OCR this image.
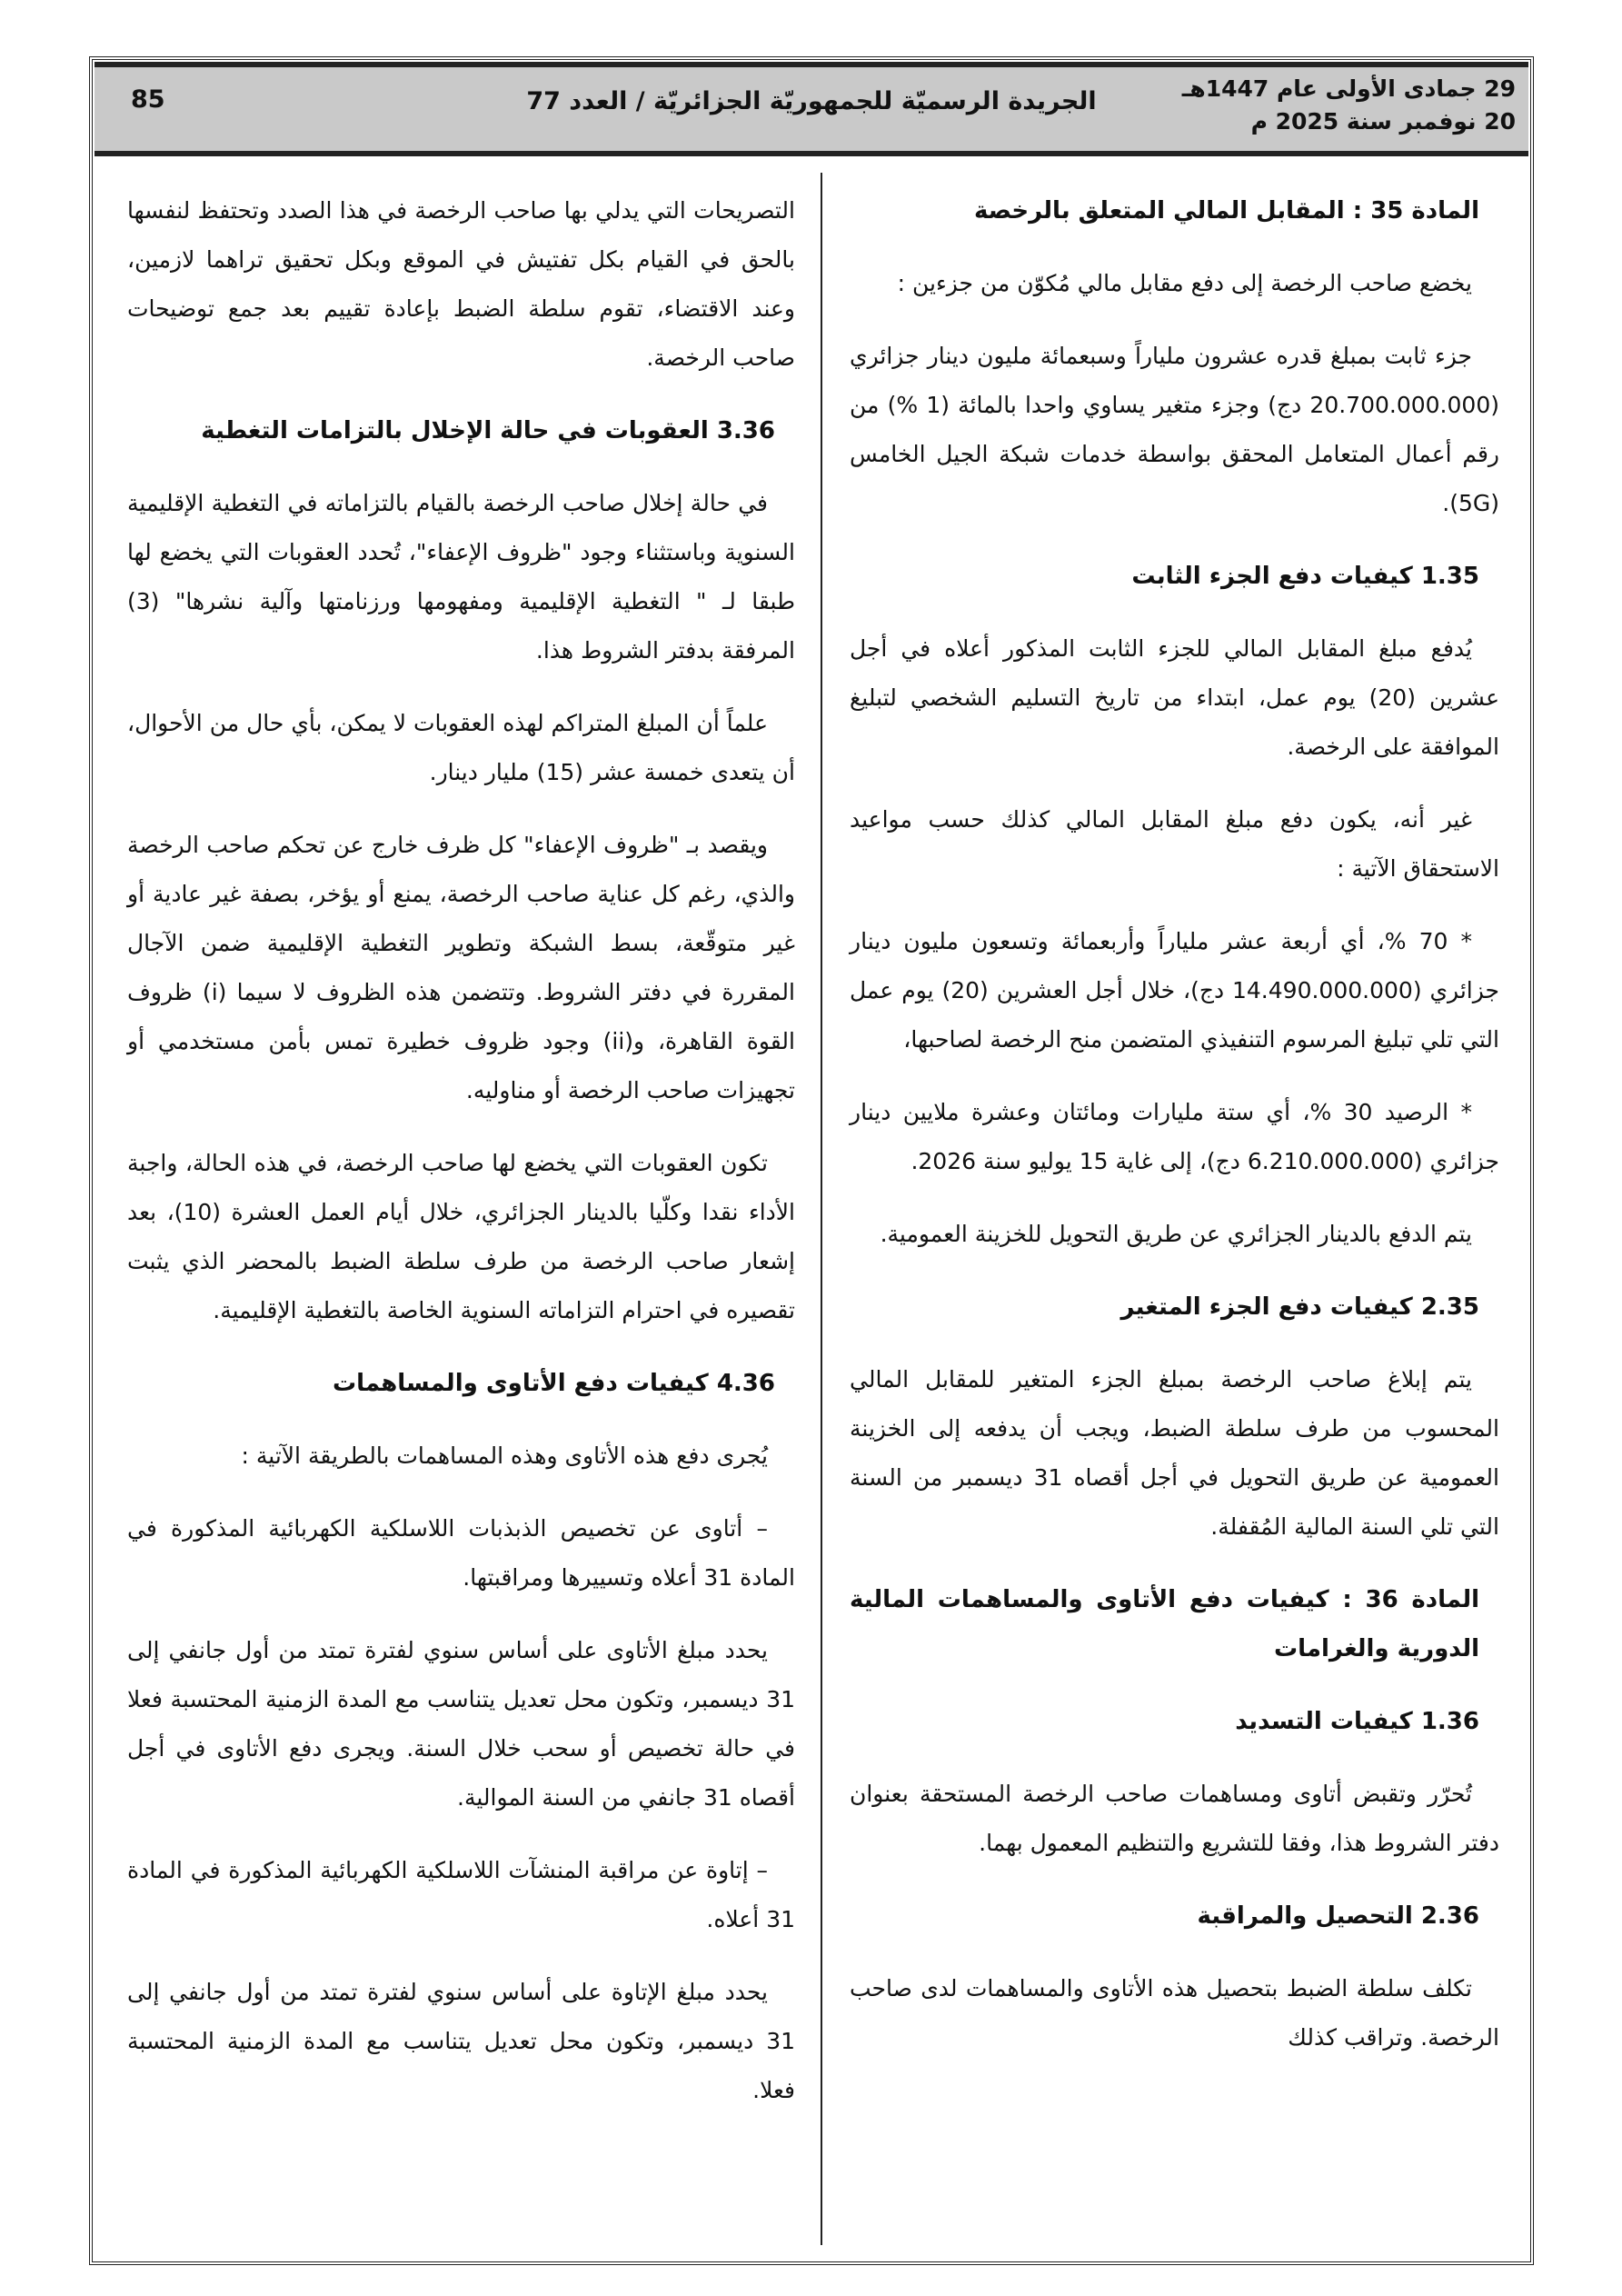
29 جمادى الأولى عام 1447هـ
20 نوفمبر سنة 2025 م
الجريدة الرسميّة للجمهوريّة الجزائريّة / العدد 77
85
المادة 35 : المقابل المالي المتعلق بالرخصة

يخضع صاحب الرخصة إلى دفع مقابل مالي مُكوّن من جزءين :

جزء ثابت بمبلغ قدره عشرون ملياراً وسبعمائة مليون دينار جزائري (20.700.000.000 دج) وجزء متغير يساوي واحدا بالمائة (1 %) من رقم أعمال المتعامل المحقق بواسطة خدمات شبكة الجيل الخامس (5G).

1.35 كيفيات دفع الجزء الثابت

يُدفع مبلغ المقابل المالي للجزء الثابت المذكور أعلاه في أجل عشرين (20) يوم عمل، ابتداء من تاريخ التسليم الشخصي لتبليغ الموافقة على الرخصة.

غير أنه، يكون دفع مبلغ المقابل المالي كذلك حسب مواعيد الاستحقاق الآتية :

* 70 %، أي أربعة عشر ملياراً وأربعمائة وتسعون مليون دينار جزائري (14.490.000.000 دج)، خلال أجل العشرين (20) يوم عمل التي تلي تبليغ المرسوم التنفيذي المتضمن منح الرخصة لصاحبها،

* الرصيد 30 %، أي ستة مليارات ومائتان وعشرة ملايين دينار جزائري (6.210.000.000 دج)، إلى غاية 15 يوليو سنة 2026.

يتم الدفع بالدينار الجزائري عن طريق التحويل للخزينة العمومية.

2.35 كيفيات دفع الجزء المتغير

يتم إبلاغ صاحب الرخصة بمبلغ الجزء المتغير للمقابل المالي المحسوب من طرف سلطة الضبط، ويجب أن يدفعه إلى الخزينة العمومية عن طريق التحويل في أجل أقصاه 31 ديسمبر من السنة التي تلي السنة المالية المُقفلة.

المادة 36 : كيفيات دفع الأتاوى والمساهمات المالية الدورية والغرامات
1.36 كيفيات التسديد

تُحرّر وتقبض أتاوى ومساهمات صاحب الرخصة المستحقة بعنوان دفتر الشروط هذا، وفقا للتشريع والتنظيم المعمول بهما.

2.36 التحصيل والمراقبة

تكلف سلطة الضبط بتحصيل هذه الأتاوى والمساهمات لدى صاحب الرخصة. وتراقب كذلك

التصريحات التي يدلي بها صاحب الرخصة في هذا الصدد وتحتفظ لنفسها بالحق في القيام بكل تفتيش في الموقع وبكل تحقيق تراهما لازمين، وعند الاقتضاء، تقوم سلطة الضبط بإعادة تقييم بعد جمع توضيحات صاحب الرخصة.

3.36 العقوبات في حالة الإخلال بالتزامات التغطية

في حالة إخلال صاحب الرخصة بالقيام بالتزاماته في التغطية الإقليمية السنوية وباستثناء وجود "ظروف الإعفاء"، تُحدد العقوبات التي يخضع لها طبقا لـ " التغطية الإقليمية ومفهومها ورزنامتها وآلية نشرها" (3) المرفقة بدفتر الشروط هذا.

علماً أن المبلغ المتراكم لهذه العقوبات لا يمكن، بأي حال من الأحوال، أن يتعدى خمسة عشر (15) مليار دينار.

ويقصد بـ "ظروف الإعفاء" كل ظرف خارج عن تحكم صاحب الرخصة والذي، رغم كل عناية صاحب الرخصة، يمنع أو يؤخر، بصفة غير عادية أو غير متوقّعة، بسط الشبكة وتطوير التغطية الإقليمية ضمن الآجال المقررة في دفتر الشروط. وتتضمن هذه الظروف لا سيما (i) ظروف القوة القاهرة، و(ii) وجود ظروف خطيرة تمس بأمن مستخدمي أو تجهيزات صاحب الرخصة أو مناوليه.

تكون العقوبات التي يخضع لها صاحب الرخصة، في هذه الحالة، واجبة الأداء نقدا وكلّيا بالدينار الجزائري، خلال أيام العمل العشرة (10)، بعد إشعار صاحب الرخصة من طرف سلطة الضبط بالمحضر الذي يثبت تقصيره في احترام التزاماته السنوية الخاصة بالتغطية الإقليمية.

4.36 كيفيات دفع الأتاوى والمساهمات

يُجرى دفع هذه الأتاوى وهذه المساهمات بالطريقة الآتية :

– أتاوى عن تخصيص الذبذبات اللاسلكية الكهربائية المذكورة في المادة 31 أعلاه وتسييرها ومراقبتها.

يحدد مبلغ الأتاوى على أساس سنوي لفترة تمتد من أول جانفي إلى 31 ديسمبر، وتكون محل تعديل يتناسب مع المدة الزمنية المحتسبة فعلا في حالة تخصيص أو سحب خلال السنة. ويجرى دفع الأتاوى في أجل أقصاه 31 جانفي من السنة الموالية.

– إتاوة عن مراقبة المنشآت اللاسلكية الكهربائية المذكورة في المادة 31 أعلاه.

يحدد مبلغ الإتاوة على أساس سنوي لفترة تمتد من أول جانفي إلى 31 ديسمبر، وتكون محل تعديل يتناسب مع المدة الزمنية المحتسبة فعلا.
